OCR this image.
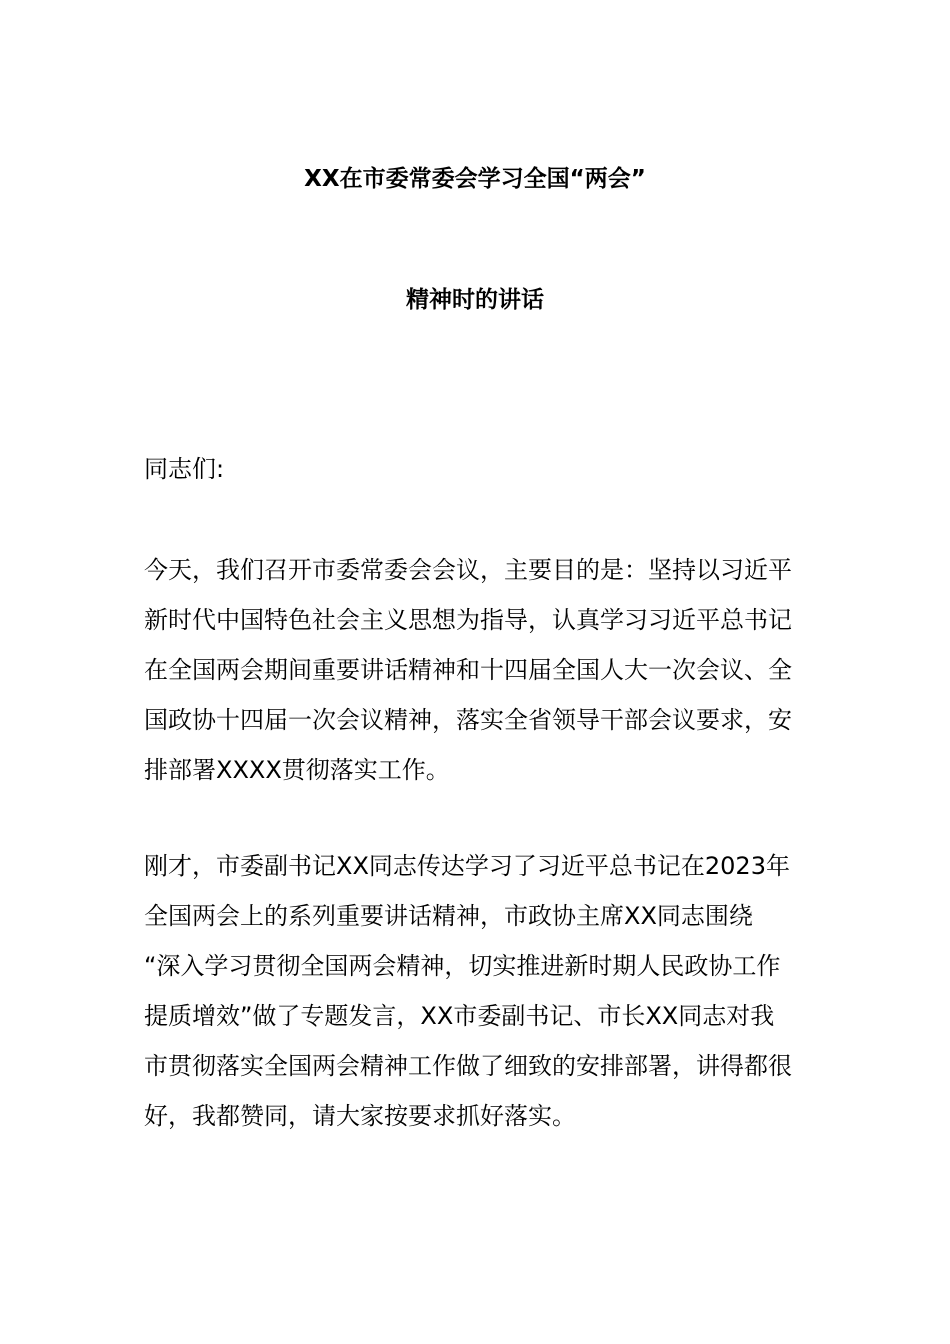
XX在市委常委会学习全国“两会”
精神时的讲话
同志们:
今天，我们召开市委常委会会议，主要目的是：坚持以习近平
新时代中国特色社会主义思想为指导，认真学习习近平总书记
在全国两会期间重要讲话精神和十四届全国人大一次会议、全
国政协十四届一次会议精神，落实全省领导干部会议要求，安
排部署XXXX贯彻落实工作。
刚才，市委副书记XX同志传达学习了习近平总书记在2023年
全国两会上的系列重要讲话精神，市政协主席XX同志围绕
“深入学习贯彻全国两会精神，切实推进新时期人民政协工作
提质增效”做了专题发言，XX市委副书记、市长XX同志对我
市贯彻落实全国两会精神工作做了细致的安排部署，讲得都很
好，我都赞同，请大家按要求抓好落实。
